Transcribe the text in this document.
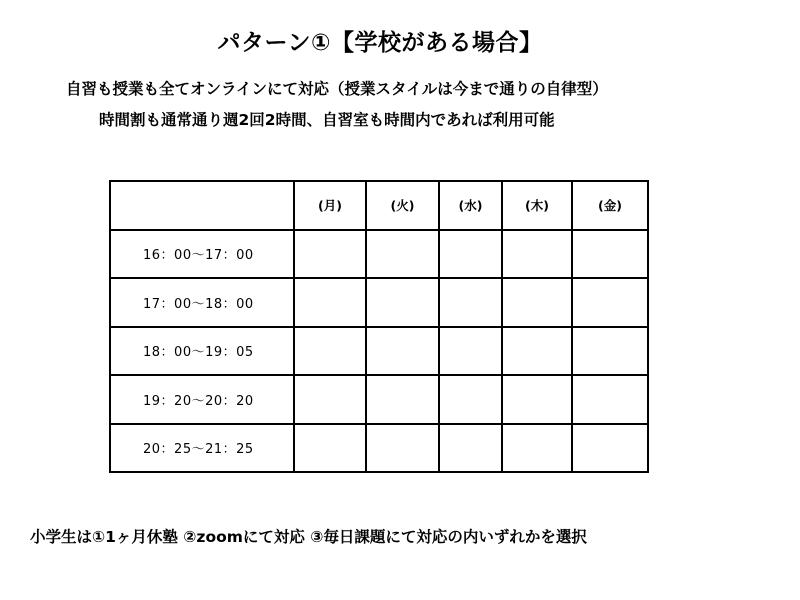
パターン①【学校がある場合】
自習も授業も全てオンラインにて対応（授業スタイルは今まで通りの自律型）
時間割も通常通り週2回2時間、自習室も時間内であれば利用可能
	(月)	(火)	(水)	(木)	(金)
16：00〜17：00					
17：00〜18：00					
18：00〜19：05					
19：20〜20：20					
20：25〜21：25					
小学生は①1ヶ月休塾 ②zoomにて対応 ③毎日課題にて対応の内いずれかを選択
